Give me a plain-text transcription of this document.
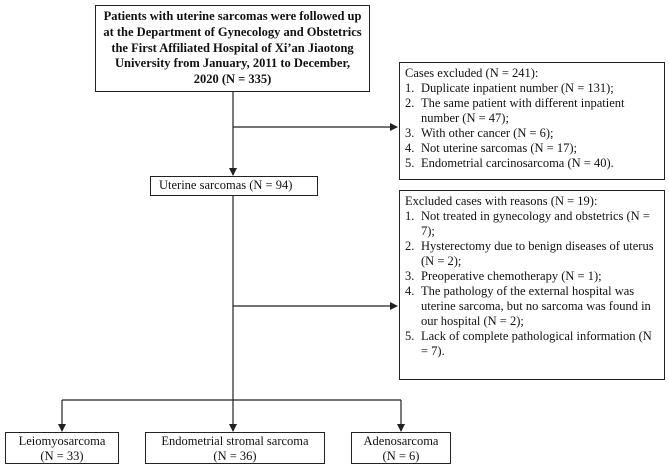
Patients with uterine sarcomas were followed up at the Department of Gynecology and Obstetrics the First Affiliated Hospital of Xi’an Jiaotong University from January, 2011 to December, 2020 (N = 335)	Cases excluded (N = 241):
1. Duplicate inpatient number (N = 131);
2. The same patient with different inpatient number (N = 47);
3. With other cancer (N = 6);
4. Not uterine sarcomas (N = 17);
5. Endometrial carcinosarcoma (N = 40).
Uterine sarcomas (N = 94)
Excluded cases with reasons (N = 19):
1. Not treated in gynecology and obstetrics (N = 7);
2. Hysterectomy due to benign diseases of uterus (N = 2);
3. Preoperative chemotherapy (N = 1);
4. The pathology of the external hospital was uterine sarcoma, but no sarcoma was found in our hospital (N = 2);
5. Lack of complete pathological information (N = 7).
Leiomyosarcoma
(N = 33)
Endometrial stromal sarcoma
(N = 36)
Adenosarcoma
(N = 6)
